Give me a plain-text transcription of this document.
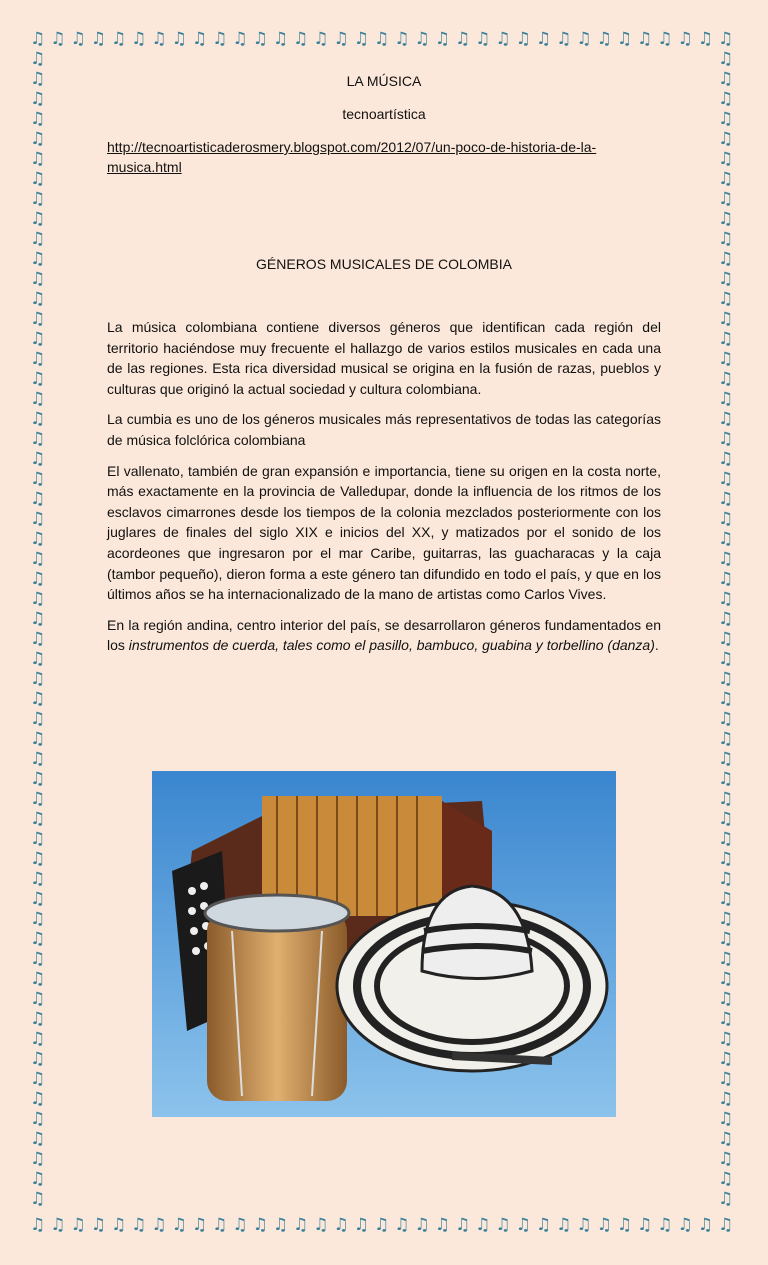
♫
♫
♫
♫
♫
♫
♫
♫
♫
♫
♫
♫
♫
♫
♫
♫
♫
♫
♫
♫
♫
♫
♫
♫
♫
♫
♫
♫
♫
♫
♫
♫
♫
♫
♫
♫
♫
♫
♫
♫
♫
♫
♫
♫
♫
♫
♫
♫
♫
♫
♫
♫
♫
♫
♫
♫
♫
♫
♫
♫
♫
♫
♫
♫
♫
♫
♫
♫
♫
♫
♫	♫
♫	♫
♫	♫
♫	♫
♫	♫
♫	♫
♫	♫
♫	♫
♫	♫
♫	♫
♫	♫
♫	♫
♫	♫
♫	♫
♫	♫
♫	♫
♫	♫
♫	♫
♫	♫
♫	♫
♫	♫
♫	♫
♫	♫
♫	♫
♫	♫
♫	♫
♫	♫
♫	♫
♫	♫
♫	♫
♫	♫
♫	♫
♫	♫
♫	♫
♫	♫
♫	♫
♫	♫
♫	♫
♫	♫
♫	♫
♫	♫
♫	♫
♫	♫
♫	♫
♫	♫
♫	♫
♫	♫
♫	♫
♫	♫
♫	♫
♫	♫
♫	♫
♫	♫
♫	♫
♫	♫
♫	♫
♫	♫
♫	♫
LA MÚSICA
tecnoartística
http://tecnoartisticaderosmery.blogspot.com/2012/07/un-poco-de-historia-de-la-musica.html
GÉNEROS MUSICALES DE COLOMBIA

La música colombiana contiene diversos géneros que identifican cada región del territorio haciéndose muy frecuente el hallazgo de varios estilos musicales en cada una de las regiones. Esta rica diversidad musical se origina en la fusión de razas, pueblos y culturas que originó la actual sociedad y cultura colombiana.

La cumbia es uno de los géneros musicales más representativos de todas las categorías de música folclórica colombiana

El vallenato, también de gran expansión e importancia, tiene su origen en la costa norte, más exactamente en la provincia de Valledupar, donde la influencia de los ritmos de los esclavos cimarrones desde los tiempos de la colonia mezclados posteriormente con los juglares de finales del siglo XIX e inicios del XX, y matizados por el sonido de los acordeones que ingresaron por el mar Caribe, guitarras, las guacharacas y la caja (tambor pequeño), dieron forma a este género tan difundido en todo el país, y que en los últimos años se ha internacionalizado de la mano de artistas como Carlos Vives.

En la región andina, centro interior del país, se desarrollaron géneros fundamentados en los instrumentos de cuerda, tales como el pasillo, bambuco, guabina y torbellino (danza).
